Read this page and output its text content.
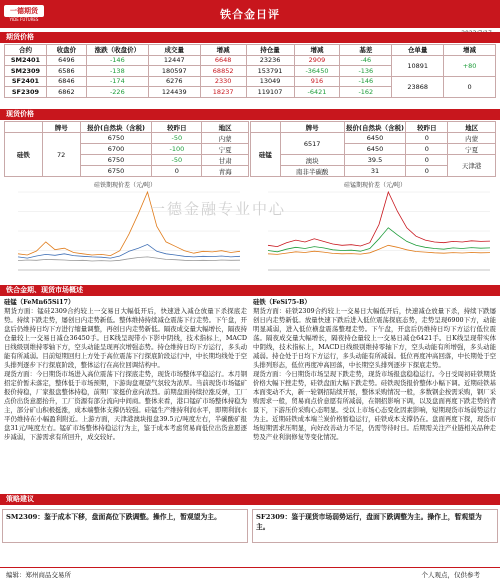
一德期货
YIDE FUTURES	铁合金日评
期货价格
合约	收盘价	涨跌（收盘价）	成交量	增减	持仓量	增减	基差	仓单量	增减
SM2401	6496	-146	12447	6648	23236	2909	-46	10891	+80
SM2309	6586	-138	180597	68852	153791	-36450	-136		
SF2401	6846	-174	6276	2330	13049	916	-146	23868	0
SF2309	6862	-226	124439	18237	119107	-6421	-162		
现货价格
	牌号	报价(自然块（含税)	较昨日	地区
硅铁	72	6750	-50	内蒙
		6700	-100	宁夏
		6750	-50	甘肃
		6750	0	青海
	牌号	报价(自然块（含税)	较昨日	地区
硅锰	6517	6450	0	内蒙
		6450	0	宁夏
	澳块	39.5	0	天津港
	南非半碳酸	31	0	
硅铁期现价差（元/吨）	硅锰期现价差（元/吨）
一德金融专业中心
铁合金期、现货市场概述

硅锰（FeMn65Si17）

期货方面：锰硅2309合约较上一交易日大幅低开后，快速进入减仓放量下杀探底走势。持续下跌走势，屡创日内走势新低。整体维持持续减仓震荡下行走势。下午盘，开盘后仍维持日均下方进行缩量调整，再创日内走势新低。隔夜成交量大幅增长，隔夜持仓量较上一交易日减仓36450手。日K线呈现带小下影中阴线，技术指标上，MACD日线级别维持零轴下方，空头动能呈现再次增强态势。持仓维持日均下方运行，多头动能有所减弱。目前短期回归上方处于高位震荡下行探底阶段运行中，中长期均线处于空头排列逐步下行探底阶段，整体运行在高位回调结构中。

现货方面：今日期货市场进入高位震荡下行探底走势，现货市场整体平稳运行。本月钢招定价暂未落定，整体低于市场预期，下游询盘观望气氛较为浓厚。当前现货市场锰矿报价持稳，厂家报盘整体持稳，前期厂家挺价意向浓烈。前期盘面持续拉涨反弹，工厂点价出货意愿抬升，工厂资源有部分流向中间商。整体来看，港口锰矿市场整体持稳为主，部分矿山积极挺涨，成本端整体支撑仍较强。硅锰生产维持利润水平，即期利润水平仍维持在小幅盈利附近。上游方面，天津港澳块报盘39.5元/吨度左右，半碳酸矿报盘31元/吨度左右。锰矿市场整体持稳运行为主，鉴于成本考虑贸易商低位出货意愿逐步减弱，下游需求有所回升，成交较好。

硅铁（FeSi75-B）

期货方面：硅铁2309合约较上一交易日大幅低开后，快速减仓放量下杀，持续下跌屡创日内走势新低。放量快速下跌后进入低位震荡探底态势，走势呈现6900下方，动能明显减弱，进入低位横盘震荡整理走势。下午盘，开盘后仍维持日均下方运行低位震荡。隔夜成交量大幅增长，隔夜持仓量较上一交易日减仓6421手。日K线呈现带实体中阴线，技术指标上，MACD日线级别维持零轴下方，空头动能有所增强，多头动能减弱。持仓处于日均下方运行，多头动能有所减弱。低位再度冲高回落，中长期处于空头排列形态，低位再度冲高回落，中长期空头排列逐步下探底走势。

现货方面：今日期货市场呈现下跌走势，现货市场报盘稳稳运行。今日受周初硅铁期货价格大幅下挫走势，硅铁盘面大幅下跌走势。硅铁现货报价整体小幅下调。近期硅铁基本面变动不大，新一轮钢招陆续开展，整体采购情况一般，多数钢企按需采购，钢厂采购需求一般，贸易商点价意愿有所减弱，在钢招影响下调，以及盘面再度下跌走势的背景下，下游压价采购心态明显。受以上市场心态变化因素影响，短期现货市场弱势运行为主。近期硅铁成本端兰炭价格暂稳运行，硅铁成本支撑仍在。盘面再度下探，现货市场短期需求压明显，向好改善动力不足，仍需等待时日。后期需关注产业链相关品种走势及产业利润修复等变化情况。

策略建议
SM2309：鉴于成本下移，盘面高位下跌调整。操作上，暂观望为主。	SF2309：鉴于现货市场弱势运行，盘面下跌调整为主。操作上，暂观望为主。
编辑：郑州商品交易所	个人观点，仅供参考
